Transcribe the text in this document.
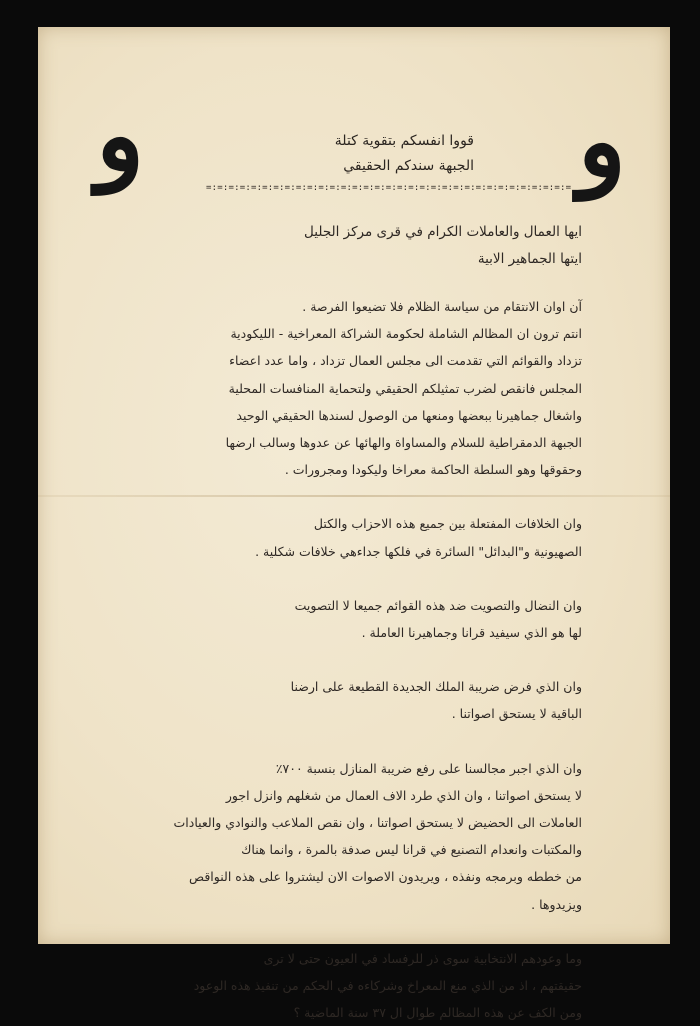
و	و
قووا انفسكم بتقوية كتلة
الجبهة سندكم الحقيقي
=:=:=:=:=:=:=:=:=:=:=:=:=:=:=:=:=:=:=:=:=:=:=:=:=:=:=:=:=:=:=:=:=

ايها العمال والعاملات الكرام في قرى مركز الجليل

ايتها الجماهير الابية

آن اوان الانتقام من سياسة الظلام فلا تضيعوا الفرصة .

انتم ترون ان المظالم الشاملة لحكومة الشراكة المعراخية - الليكودية

تزداد والقوائم التي تقدمت الى مجلس العمال تزداد ، واما عدد اعضاء

المجلس فانقص لضرب تمثيلكم الحقيقي ولتحماية المنافسات المحلية

واشغال جماهيرنا ببعضها ومنعها من الوصول لسندها الحقيقي الوحيد

الجبهة الدمقراطية للسلام والمساواة والهائها عن عدوها وسالب ارضها

وحقوقها وهو السلطة الحاكمة معراخا وليكودا ومجرورات .

وان الخلافات المفتعلة بين جميع هذه الاحزاب والكتل

الصهيونية و"البدائل" السائرة في فلكها جداءهي خلافات شكلية .

وان النضال والتصويت ضد هذه القوائم جميعا لا التصويت

لها هو الذي سيفيد قرانا وجماهيرنا العاملة .

وان الذي فرض ضريبة الملك الجديدة القطيعة على ارضنا

الباقية لا يستحق اصواتنا .

وان الذي اجبر مجالسنا على رفع ضريبة المنازل بنسبة ٧٠٠٪

لا يستحق اصواتنا ، وان الذي طرد الاف العمال من شغلهم وانزل اجور

العاملات الى الحضيض لا يستحق اصواتنا ، وان نقص الملاعب والنوادي والعيادات

والمكتبات وانعدام التصنيع في قرانا ليس صدفة بالمرة ، وانما هناك

من خططه وبرمجه ونفذه ، ويريدون الاصوات الان ليشتروا على هذه النواقص

ويزيدوها .

وما وعودهم الانتخابية سوى ذر للرفساد في العيون حتى لا ترى

حقيقتهم ، اذ من الذي منع المعراخ وشركاءه في الحكم من تنفيذ هذه الوعود

ومن الكف عن هذه المظالم طوال ال ٣٧ سنة الماضية ؟
